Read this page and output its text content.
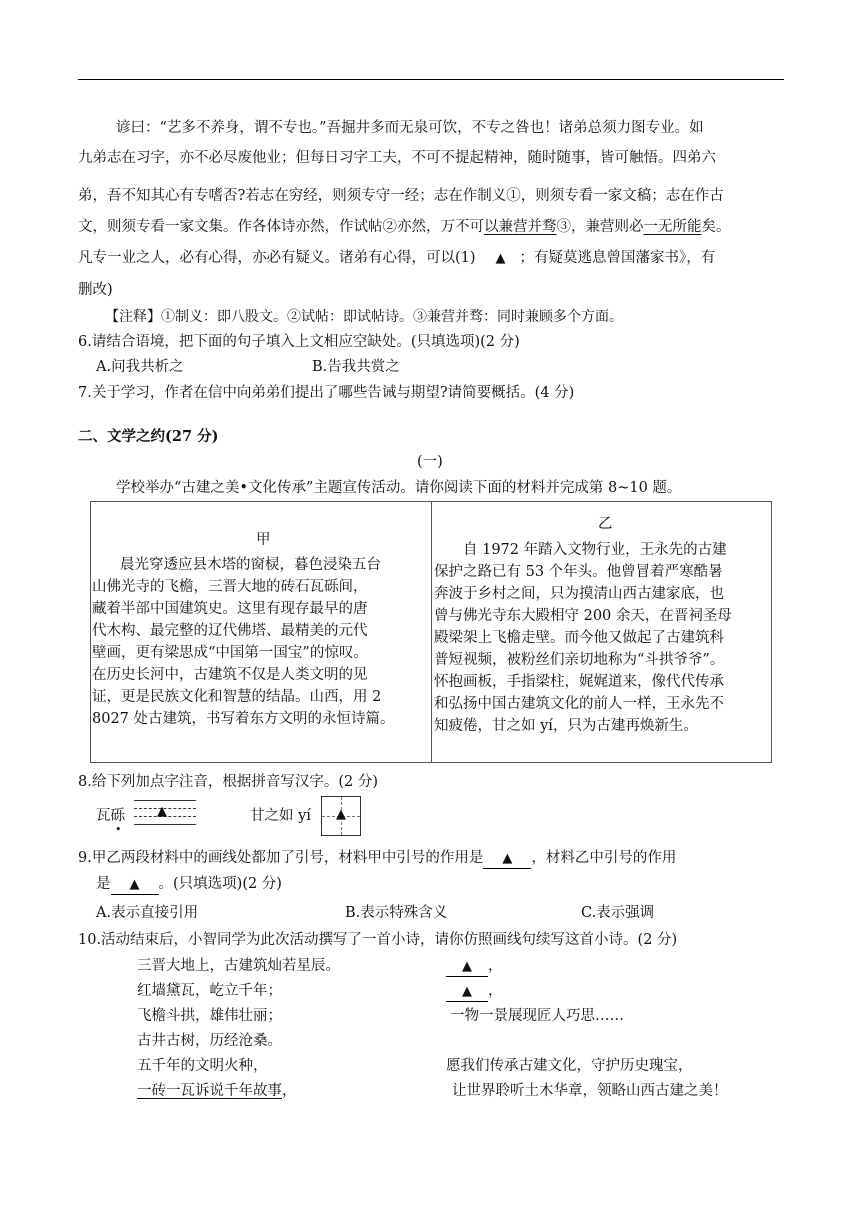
谚曰：“艺多不养身，谓不专也。”吾掘井多而无泉可饮，不专之咎也！诸弟总须力图专业。如
九弟志在习字，亦不必尽废他业；但每日习字工夫，不可不提起精神，随时随事，皆可触悟。四弟六
弟，吾不知其心有专嗜否?若志在穷经，则须专守一经；志在作制义①，则须专看一家文稿；志在作古
文，则须专看一家文集。作各体诗亦然，作试帖②亦然，万不可以兼营并骛③，兼营则必一无所能矣。
凡专一业之人，必有心得，亦必有疑义。诸弟有心得，可以(1) ▲ ；有疑莫逃息曾国藩家书》，有
删改)
【注释】①制义：即八股文。②试帖：即试帖诗。③兼营并骛：同时兼顾多个方面。
6.请结合语境，把下面的句子填入上文相应空缺处。(只填选项)(2 分)
A.问我共析之	B.告我共赏之
7.关于学习，作者在信中向弟弟们提出了哪些告诫与期望?请简要概括。(4 分)
二、文学之约(27 分)
(一)
学校举办“古建之美•文化传承”主题宣传活动。请你阅读下面的材料并完成第 8~10 题。
甲
晨光穿透应县木塔的窗棂，暮色浸染五台
山佛光寺的飞檐，三晋大地的砖石瓦砾间，
藏着半部中国建筑史。这里有现存最早的唐
代木构、最完整的辽代佛塔、最精美的元代
壁画，更有梁思成“中国第一国宝”的惊叹。
在历史长河中，古建筑不仅是人类文明的见
证，更是民族文化和智慧的结晶。山西，用 2
8027 处古建筑，书写着东方文明的永恒诗篇。

乙
自 1972 年踏入文物行业，王永先的古建
保护之路已有 53 个年头。他曾冒着严寒酷暑
奔波于乡村之间，只为摸清山西古建家底，也
曾与佛光寺东大殿相守 200 余天，在晋祠圣母
殿梁架上飞檐走壁。而今他又做起了古建筑科
普短视频，被粉丝们亲切地称为“斗拱爷爷”。
怀抱画板，手指梁柱，娓娓道来，像代代传承
和弘扬中国古建筑文化的前人一样，王永先不
知疲倦，甘之如 yí，只为古建再焕新生。
8.给下列加点字注音，根据拼音写汉字。(2 分)
瓦砾
•
▲	甘之如 yí	▲
9.甲乙两段材料中的画线处都加了引号，材料甲中引号的作用是 ▲ ，材料乙中引号的作用
是 ▲ 。(只填选项)(2 分)
A.表示直接引用	B.表示特殊含义	C.表示强调
10.活动结束后，小智同学为此次活动撰写了一首小诗，请你仿照画线句续写这首小诗。(2 分)
三晋大地上，古建筑灿若星辰。
红墙黛瓦，屹立千年；
飞檐斗拱，雄伟壮丽；
古井古树，历经沧桑。
五千年的文明火种，
一砖一瓦诉说千年故事，
▲ ，
▲ ，
一物一景展现匠人巧思……
愿我们传承古建文化，守护历史瑰宝，
让世界聆听土木华章，领略山西古建之美！
